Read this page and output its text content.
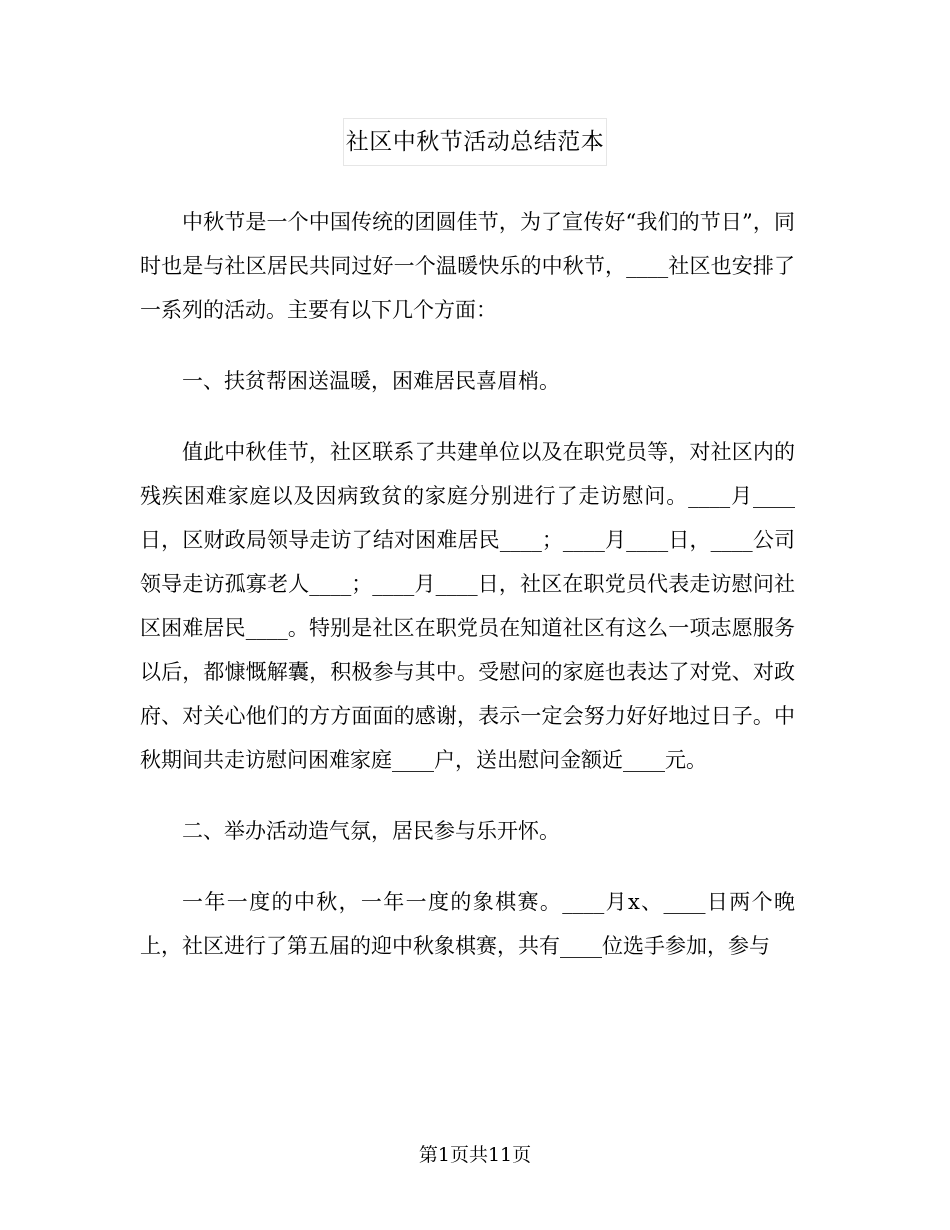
社区中秋节活动总结范本

中秋节是一个中国传统的团圆佳节，为了宣传好“我们的节日”，同时也是与社区居民共同过好一个温暖快乐的中秋节，____社区也安排了一系列的活动。主要有以下几个方面：

一、扶贫帮困送温暖，困难居民喜眉梢。

值此中秋佳节，社区联系了共建单位以及在职党员等，对社区内的残疾困难家庭以及因病致贫的家庭分别进行了走访慰问。____月____日，区财政局领导走访了结对困难居民____；____月____日，____公司领导走访孤寡老人____；____月____日，社区在职党员代表走访慰问社区困难居民____。特别是社区在职党员在知道社区有这么一项志愿服务以后，都慷慨解囊，积极参与其中。受慰问的家庭也表达了对党、对政府、对关心他们的方方面面的感谢，表示一定会努力好好地过日子。中秋期间共走访慰问困难家庭____户，送出慰问金额近____元。

二、举办活动造气氛，居民参与乐开怀。

一年一度的中秋，一年一度的象棋赛。____月x、____日两个晚上，社区进行了第五届的迎中秋象棋赛，共有____位选手参加，参与

第1页共11页
